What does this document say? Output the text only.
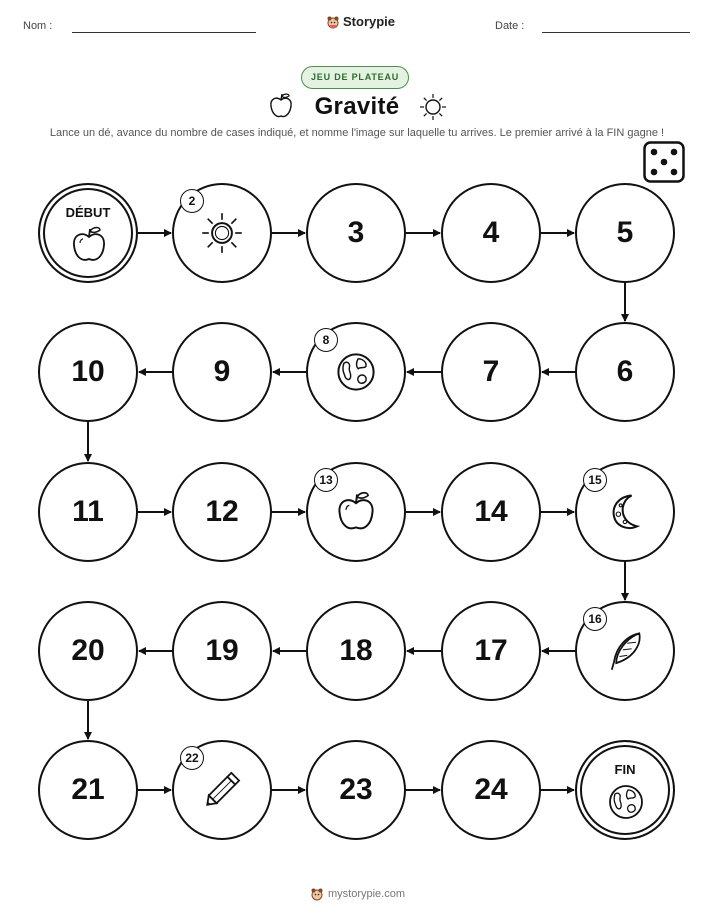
Nom :	Storypie	Date :
JEU DE PLATEAU
Gravité
Lance un dé, avance du nombre de cases indiqué, et nomme l'image sur laquelle tu arrives. Le premier arrivé à la FIN gagne !
DÉBUT
2
3	4	5
6
7
8
9
10
11	12
13
14
15
16
17
18
19
20
21
22
23	24
FIN
mystorypie.com
